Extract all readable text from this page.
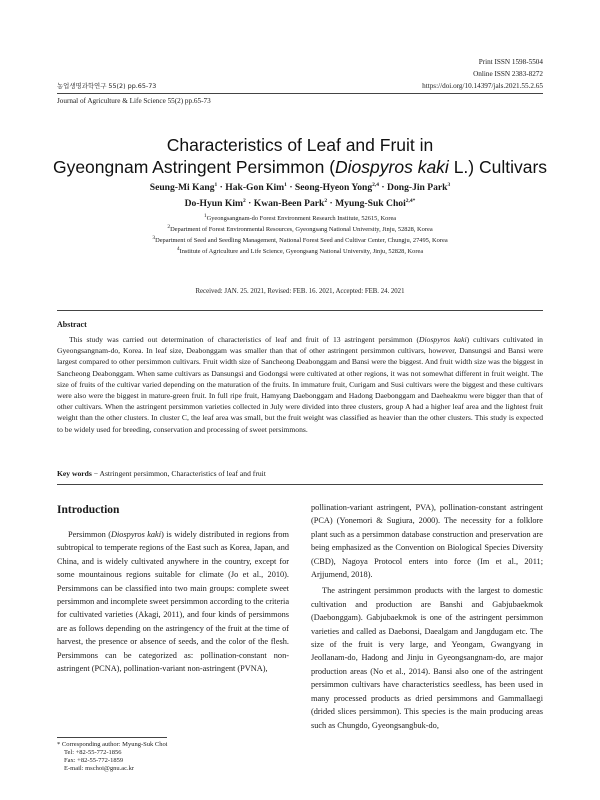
Print ISSN 1598-5504
Online ISSN 2383-8272
농업생명과학연구 55(2) pp.65-73	https://doi.org/10.14397/jals.2021.55.2.65
Journal of Agriculture & Life Science 55(2) pp.65-73
Characteristics of Leaf and Fruit in
Gyeongnam Astringent Persimmon (Diospyros kaki L.) Cultivars
Seung-Mi Kang$^1$ · Hak-Gon Kim$^1$ · Seong-Hyeon Yong$^{2,4}$ · Dong-Jin Park$^3$
Do-Hyun Kim$^2$ · Kwan-Been Park$^2$ · Myung-Suk Choi$^{2,4*}$
$^1$Gyeongsangnam-do Forest Environment Research Institute, 52615, Korea
$^2$Department of Forest Environmental Resources, Gyeongsang National University, Jinju, 52828, Korea
$^3$Department of Seed and Seedling Management, National Forest Seed and Cultivar Center, Chungju, 27495, Korea
$^4$Institute of Agriculture and Life Science, Gyeongsang National University, Jinju, 52828, Korea
Received: JAN. 25. 2021, Revised: FEB. 16. 2021, Accepted: FEB. 24. 2021
Abstract
This study was carried out determination of characteristics of leaf and fruit of 13 astringent persimmon (Diospyros kaki) cultivars cultivated in Gyeongsangnam-do, Korea. In leaf size, Deabonggam was smaller than that of other astringent persimmon cultivars, however, Dansungsi and Bansi were largest compared to other persimmon cultivars. Fruit width size of Sancheong Deabonggam and Bansi were the biggest. And fruit width size was the biggest in Sancheong Deabonggam. When same cultivars as Dansungsi and Godongsi were cultivated at other regions, it was not somewhat different in fruit weight. The size of fruits of the cultivar varied depending on the maturation of the fruits. In immature fruit, Curigam and Susi cultivars were the biggest and these cultivars were also were the biggest in mature-green fruit. In full ripe fruit, Hamyang Daebonggam and Hadong Daebonggam and Daeheakmu were bigger than that of other cultivars. When the astringent persimmon varieties collected in July were divided into three clusters, group A had a higher leaf area and the lightest fruit weight than the other clusters. In cluster C, the leaf area was small, but the fruit weight was classified as heavier than the other clusters. This study is expected to be widely used for breeding, conservation and processing of sweet persimmons.
Key words − Astringent persimmon, Characteristics of leaf and fruit
Introduction

Persimmon (Diospyros kaki) is widely distributed in regions from subtropical to temperate regions of the East such as Korea, Japan, and China, and is widely cultivated anywhere in the country, except for some mountainous regions suitable for climate (Jo et al., 2010). Persimmons can be classified into two main groups: complete sweet persimmon and incomplete sweet persimmon according to the criteria for cultivated varieties (Akagi, 2011), and four kinds of persimmons are as follows depending on the astringency of the fruit at the time of harvest, the presence or absence of seeds, and the color of the flesh. Persimmons can be categorized as: pollination-constant non-astringent (PCNA), pollination-variant non-astringent (PVNA),

pollination-variant astringent, PVA), pollination-constant astringent (PCA) (Yonemori & Sugiura, 2000). The necessity for a folklore plant such as a persimmon database construction and preservation are being emphasized as the Convention on Biological Species Diversity (CBD), Nagoya Protocol enters into force (Im et al., 2011; Arjjumend, 2018).

The astringent persimmon products with the largest to domestic cultivation and production are Banshi and Gabjubaekmok (Daebonggam). Gabjubaekmok is one of the astringent persimmon varieties and called as Daebonsi, Daealgam and Jangdugam etc. The size of the fruit is very large, and Yeongam, Gwangyang in Jeollanam-do, Hadong and Jinju in Gyeongsangnam-do, are major production areas (No et al., 2014). Bansi also one of the astringent persimmon cultivars have characteristics seedless, has been used in many processed products as dried persimmons and Gammallaegi (drided slices persimmon). This species is the main producing areas such as Chungdo, Gyeongsangbuk-do,

* Corresponding author: Myung-Suk Choi
Tel: +82-55-772-1856
Fax: +82-55-772-1859
E-mail: mschoi@gnu.ac.kr
